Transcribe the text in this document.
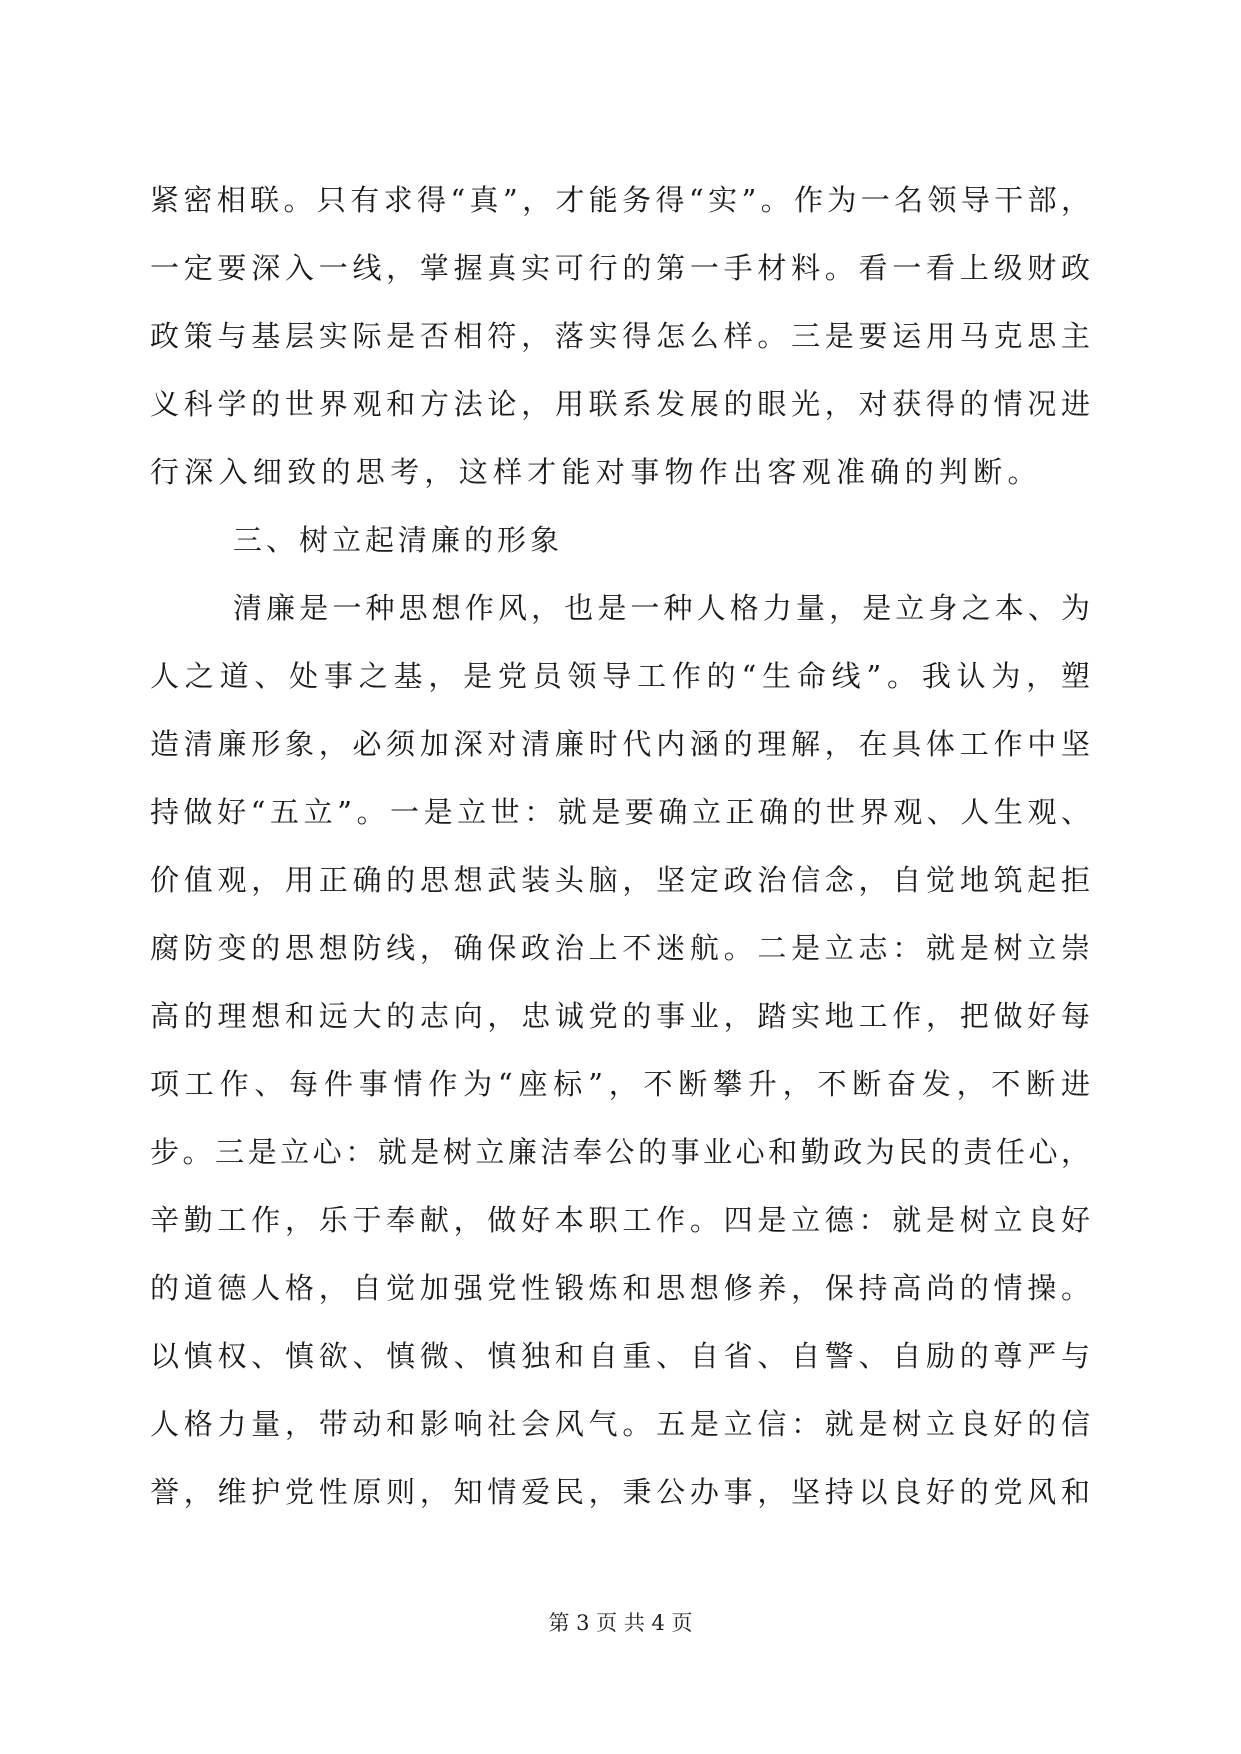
紧密相联。只有求得“真”，才能务得“实”。作为一名领导干部，
一定要深入一线，掌握真实可行的第一手材料。看一看上级财政
政策与基层实际是否相符，落实得怎么样。三是要运用马克思主
义科学的世界观和方法论，用联系发展的眼光，对获得的情况进
行深入细致的思考，这样才能对事物作出客观准确的判断。
三、树立起清廉的形象
清廉是一种思想作风，也是一种人格力量，是立身之本、为
人之道、处事之基，是党员领导工作的“生命线”。我认为，塑
造清廉形象，必须加深对清廉时代内涵的理解，在具体工作中坚
持做好“五立”。一是立世：就是要确立正确的世界观、人生观、
价值观，用正确的思想武装头脑，坚定政治信念，自觉地筑起拒
腐防变的思想防线，确保政治上不迷航。二是立志：就是树立崇
高的理想和远大的志向，忠诚党的事业，踏实地工作，把做好每
项工作、每件事情作为“座标”，不断攀升，不断奋发，不断进
步。三是立心：就是树立廉洁奉公的事业心和勤政为民的责任心，
辛勤工作，乐于奉献，做好本职工作。四是立德：就是树立良好
的道德人格，自觉加强党性锻炼和思想修养，保持高尚的情操。
以慎权、慎欲、慎微、慎独和自重、自省、自警、自励的尊严与
人格力量，带动和影响社会风气。五是立信：就是树立良好的信
誉，维护党性原则，知情爱民，秉公办事，坚持以良好的党风和
第 3 页 共 4 页
